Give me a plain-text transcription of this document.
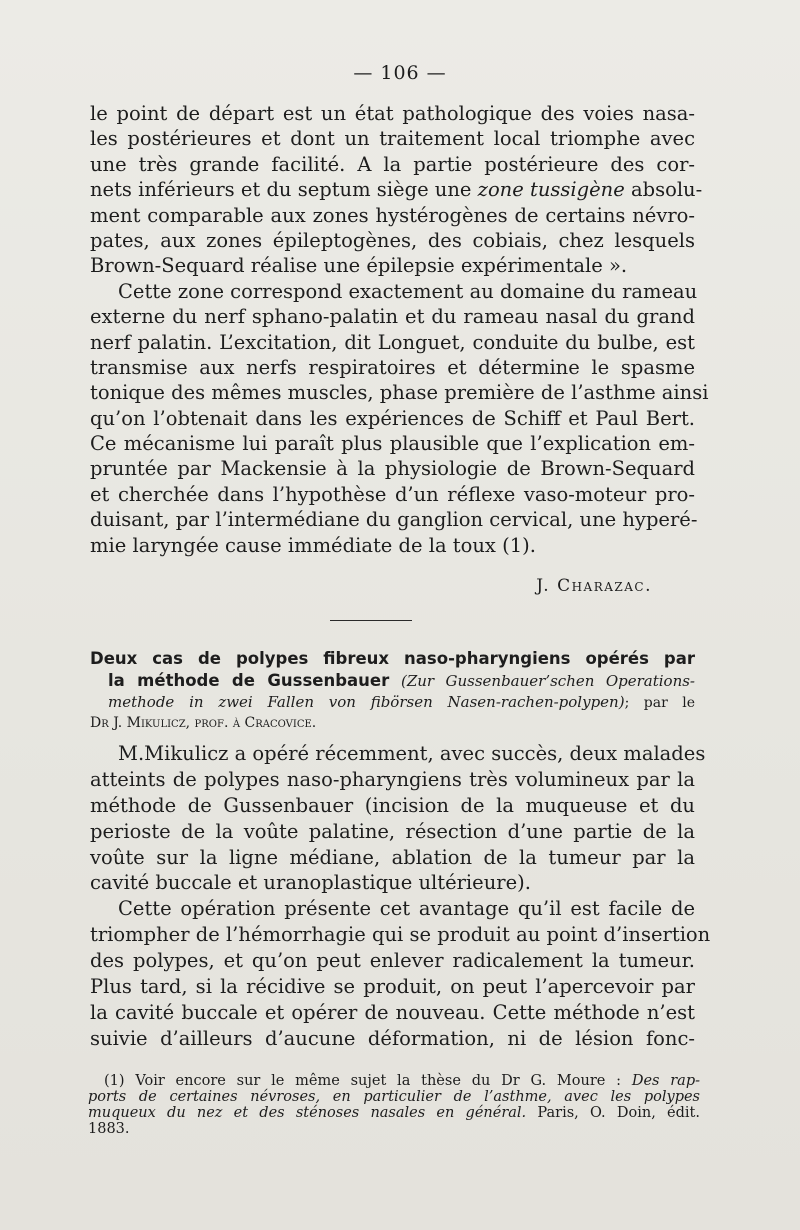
— 106 —
le point de départ est un état pathologique des voies nasa-
les postérieures et dont un traitement local triomphe avec
une très grande facilité. A la partie postérieure des cor-
nets inférieurs et du septum siège une zone tussigène absolu-
ment comparable aux zones hystérogènes de certains névro-
pates, aux zones épileptogènes, des cobiais, chez lesquels
Brown-Sequard réalise une épilepsie expérimentale ».
Cette zone correspond exactement au domaine du rameau
externe du nerf sphano-palatin et du rameau nasal du grand
nerf palatin. L’excitation, dit Longuet, conduite du bulbe, est
transmise aux nerfs respiratoires et détermine le spasme
tonique des mêmes muscles, phase première de l’asthme ainsi
qu’on l’obtenait dans les expériences de Schiff et Paul Bert.
Ce mécanisme lui paraît plus plausible que l’explication em-
pruntée par Mackensie à la physiologie de Brown-Sequard
et cherchée dans l’hypothèse d’un réflexe vaso-moteur pro-
duisant, par l’intermédiane du ganglion cervical, une hyperé-
mie laryngée cause immédiate de la toux (1).
J. Charazac.
Deux cas de polypes fibreux naso-pharyngiens opérés par
la méthode de Gussenbauer (Zur Gussenbauer’schen Operations-
methode in zwei Fallen von fibörsen Nasen-rachen-polypen); par le
Dr J. Mikulicz, prof. à Cracovice.
M.Mikulicz a opéré récemment, avec succès, deux malades
atteints de polypes naso-pharyngiens très volumineux par la
méthode de Gussenbauer (incision de la muqueuse et du
perioste de la voûte palatine, résection d’une partie de la
voûte sur la ligne médiane, ablation de la tumeur par la
cavité buccale et uranoplastique ultérieure).
Cette opération présente cet avantage qu’il est facile de
triompher de l’hémorrhagie qui se produit au point d’insertion
des polypes, et qu’on peut enlever radicalement la tumeur.
Plus tard, si la récidive se produit, on peut l’apercevoir par
la cavité buccale et opérer de nouveau. Cette méthode n’est
suivie d’ailleurs d’aucune déformation, ni de lésion fonc-
(1) Voir encore sur le même sujet la thèse du Dr G. Moure : Des rap-
ports de certaines névroses, en particulier de l’asthme, avec les polypes
muqueux du nez et des sténoses nasales en général. Paris, O. Doin, édit.
1883.
